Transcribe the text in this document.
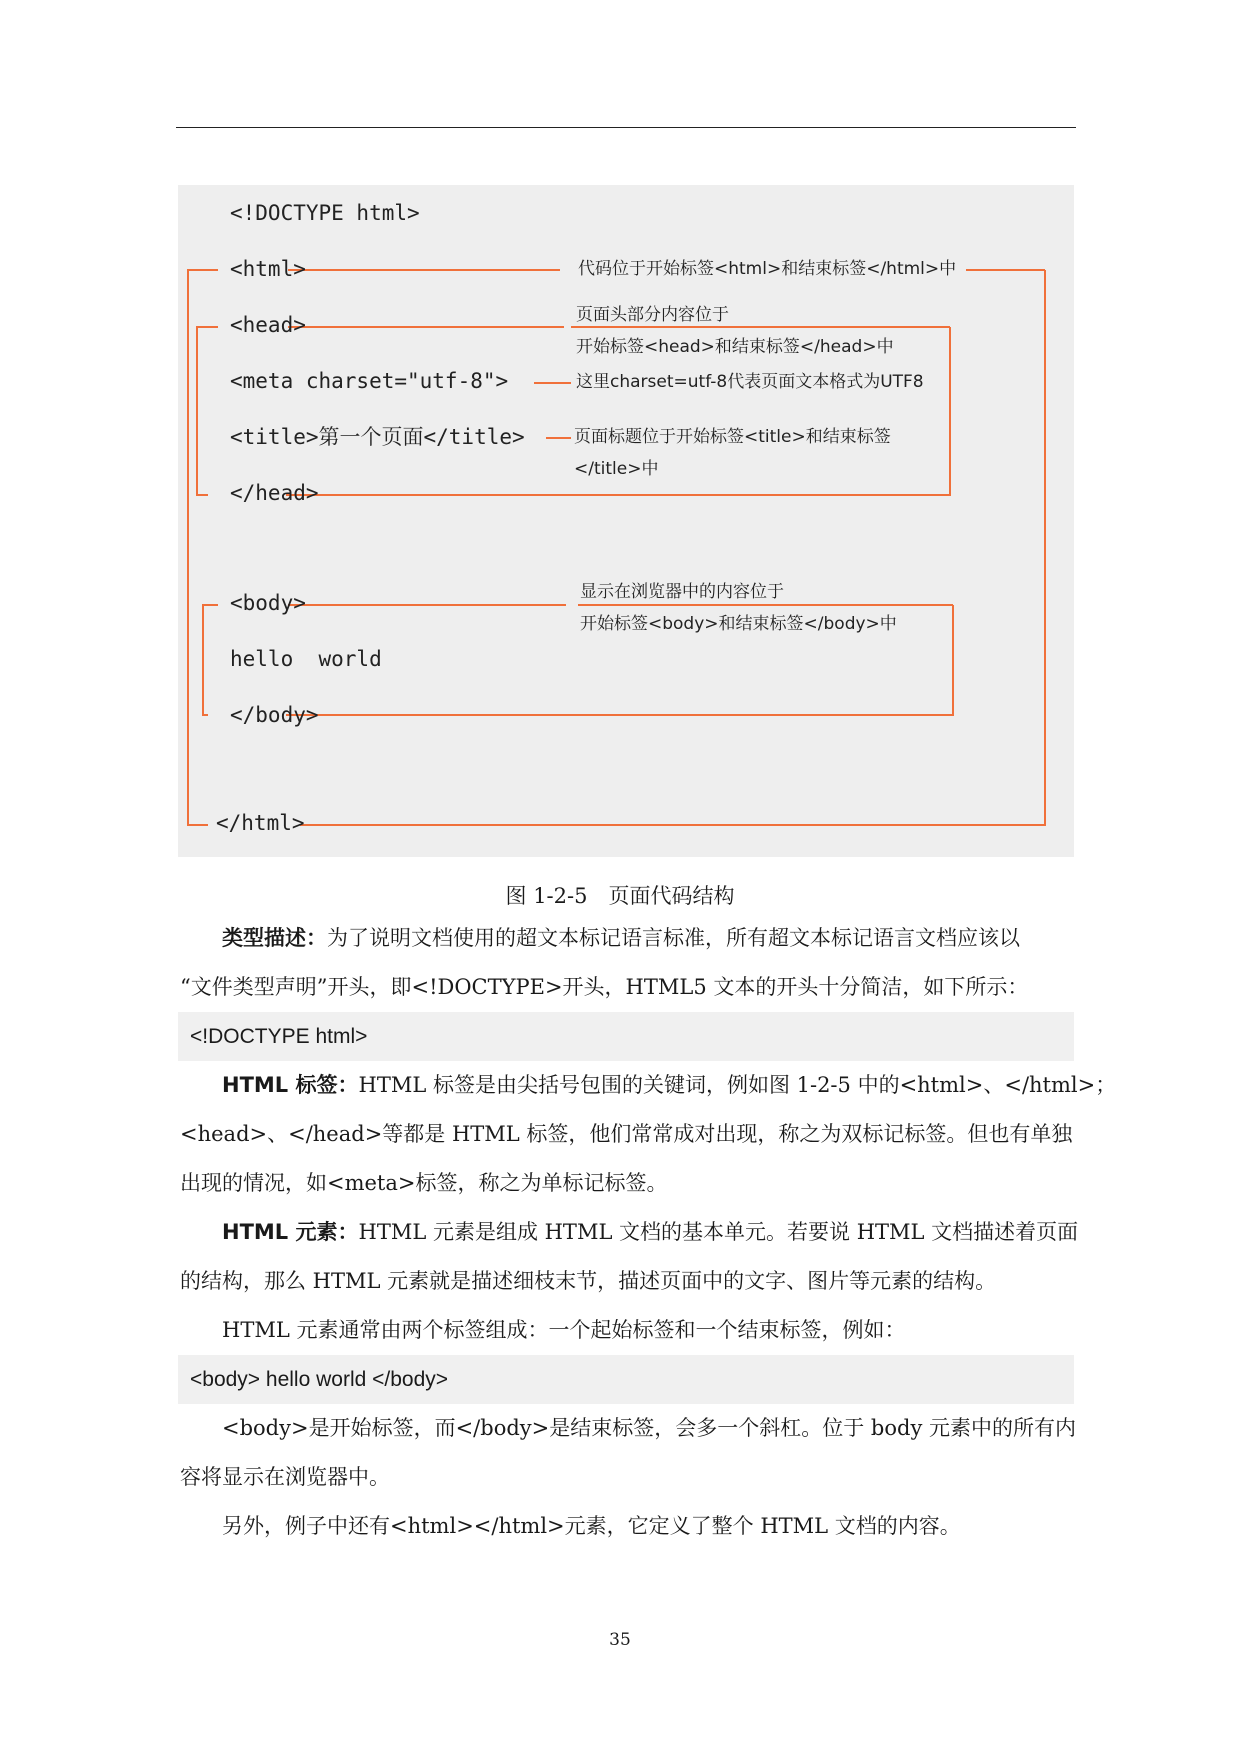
<!DOCTYPE html>
<html>
<head>
<meta charset="utf-8">
<title>第一个页面</title>
</head>
<body>
hello  world
</body>
</html>
代码位于开始标签<html>和结束标签</html>中
页面头部分内容位于
开始标签<head>和结束标签</head>中
这里charset=utf-8代表页面文本格式为UTF8
页面标题位于开始标签<title>和结束标签
</title>中
显示在浏览器中的内容位于
开始标签<body>和结束标签</body>中
图 1-2-5　页面代码结构
类型描述：为了说明文档使用的超文本标记语言标准，所有超文本标记语言文档应该以
“文件类型声明”开头，即<!DOCTYPE>开头，HTML5 文本的开头十分简洁，如下所示：
<!DOCTYPE html>
HTML 标签：HTML 标签是由尖括号包围的关键词，例如图 1-2-5 中的<html>、</html>；
<head>、</head>等都是 HTML 标签，他们常常成对出现，称之为双标记标签。但也有单独
出现的情况，如<meta>标签，称之为单标记标签。
HTML 元素：HTML 元素是组成 HTML 文档的基本单元。若要说 HTML 文档描述着页面
的结构，那么 HTML 元素就是描述细枝末节，描述页面中的文字、图片等元素的结构。
HTML 元素通常由两个标签组成：一个起始标签和一个结束标签，例如：
<body> hello world </body>
<body>是开始标签，而</body>是结束标签，会多一个斜杠。位于 body 元素中的所有内
容将显示在浏览器中。
另外，例子中还有<html></html>元素，它定义了整个 HTML 文档的内容。
35
